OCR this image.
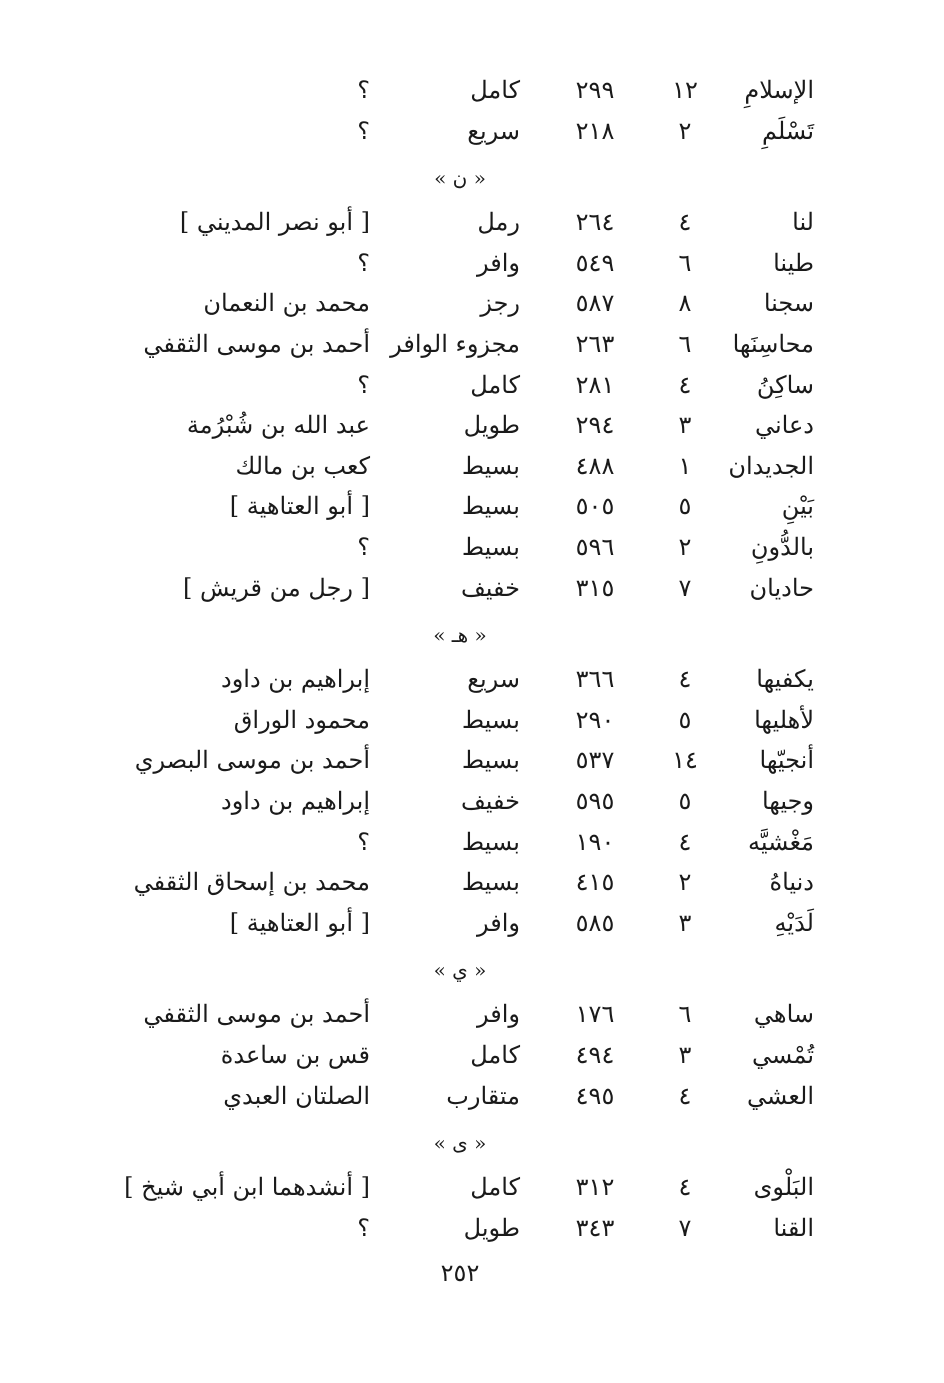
الإسلامِ
١٢
٢٩٩
كامل
؟
تَسْلَمِ
٢
٢١٨
سريع
؟
« ن »
لنا
٤
٢٦٤
رمل
[ أبو نصر المديني ]
طينا
٦
٥٤٩
وافر
؟
سجنا
٨
٥٨٧
رجز
محمد بن النعمان
محاسِنَها
٦
٢٦٣
مجزوء الوافر
أحمد بن موسى الثقفي
ساكِنُ
٤
٢٨١
كامل
؟
دعاني
٣
٢٩٤
طويل
عبد الله بن شُبْرُمة
الجديدان
١
٤٨٨
بسيط
كعب بن مالك
بَيْنِ
٥
٥٠٥
بسيط
[ أبو العتاهية ]
بالدُّونِ
٢
٥٩٦
بسيط
؟
حاديان
٧
٣١٥
خفيف
[ رجل من قريش ]
« هـ »
يكفيها
٤
٣٦٦
سريع
إبراهيم بن داود
لأهليها
٥
٢٩٠
بسيط
محمود الوراق
أنجيّها
١٤
٥٣٧
بسيط
أحمد بن موسى البصري
وجيها
٥
٥٩٥
خفيف
إبراهيم بن داود
مَغْشيَّه
٤
١٩٠
بسيط
؟
دنياهُ
٢
٤١٥
بسيط
محمد بن إسحاق الثقفي
لَدَيْهِ
٣
٥٨٥
وافر
[ أبو العتاهية ]
« ي »
ساهي
٦
١٧٦
وافر
أحمد بن موسى الثقفي
تُمْسي
٣
٤٩٤
كامل
قس بن ساعدة
العشي
٤
٤٩٥
متقارب
الصلتان العبدي
« ى »
البَلْوى
٤
٣١٢
كامل
[ أنشدهما ابن أبي شيخ ]
القنا
٧
٣٤٣
طويل
؟
٢٥٢
